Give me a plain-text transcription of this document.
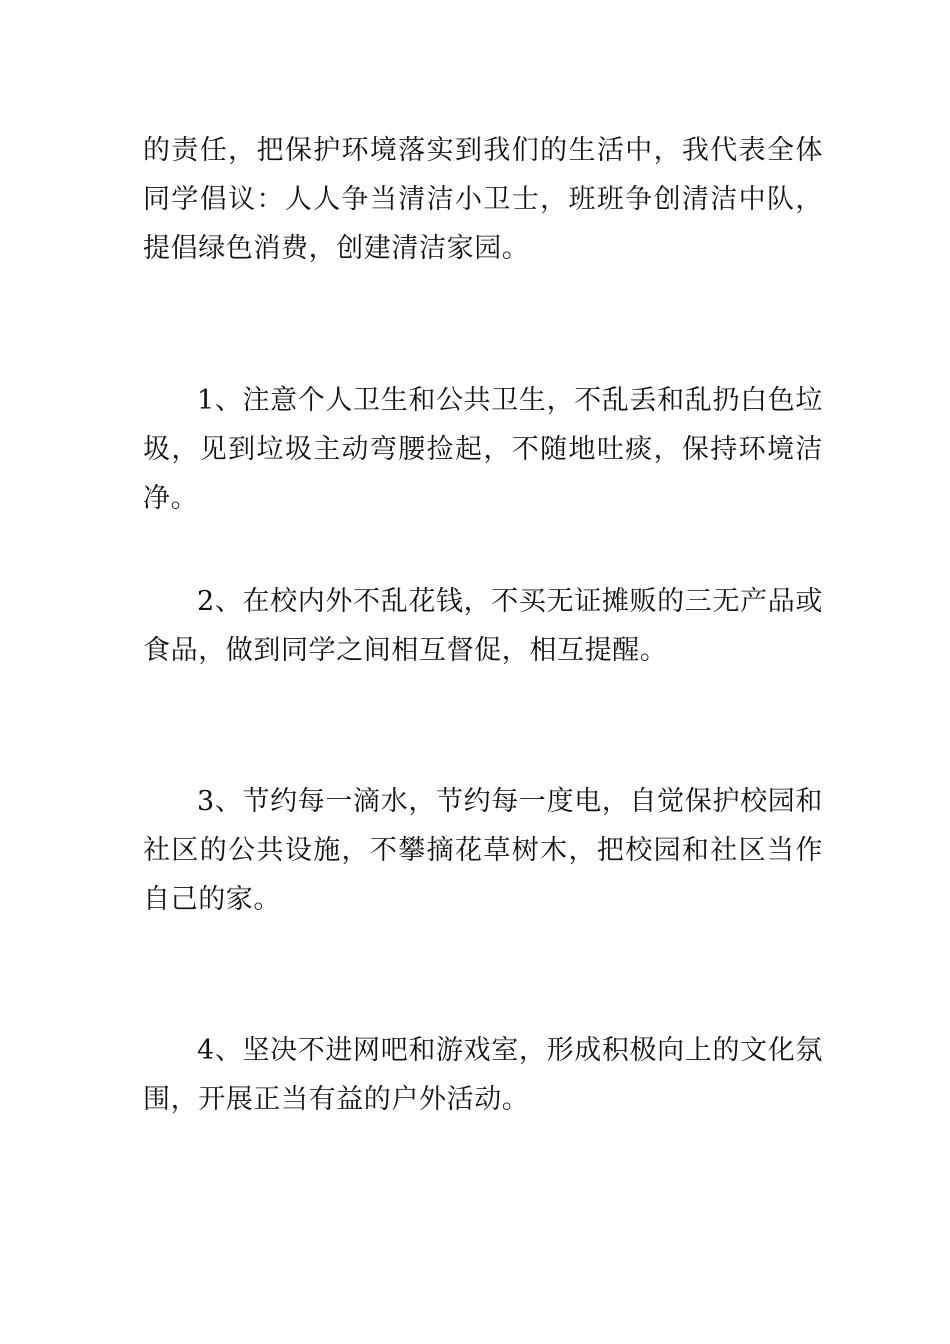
的责任，把保护环境落实到我们的生活中，我代表全体同学倡议：人人争当清洁小卫士，班班争创清洁中队，提倡绿色消费，创建清洁家园。

1、注意个人卫生和公共卫生，不乱丢和乱扔白色垃圾，见到垃圾主动弯腰捡起，不随地吐痰，保持环境洁净。

2、在校内外不乱花钱，不买无证摊贩的三无产品或食品，做到同学之间相互督促，相互提醒。

3、节约每一滴水，节约每一度电，自觉保护校园和社区的公共设施，不攀摘花草树木，把校园和社区当作自己的家。

4、坚决不进网吧和游戏室，形成积极向上的文化氛围，开展正当有益的户外活动。
